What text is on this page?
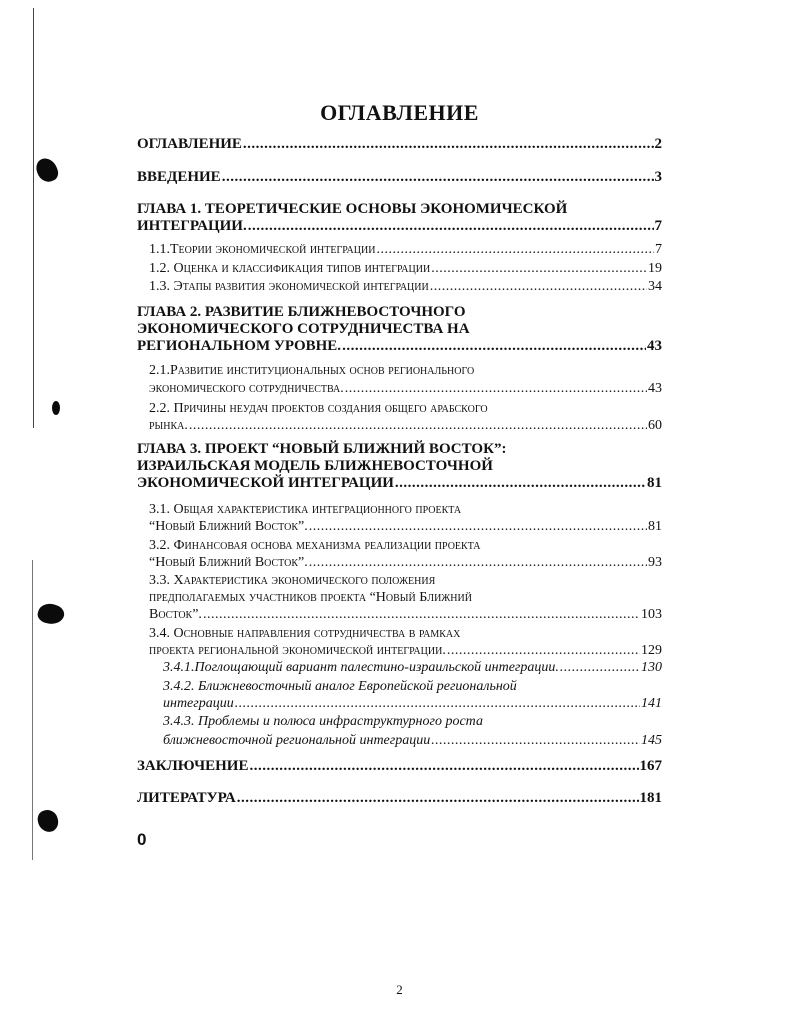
ОГЛАВЛЕНИЕ
ОГЛАВЛЕНИЕ .....	2
ВВЕДЕНИЕ .....	3
ГЛАВА 1. ТЕОРЕТИЧЕСКИЕ ОСНОВЫ ЭКОНОМИЧЕСКОЙ
ИНТЕГРАЦИИ. .....	7
1.1.Теории экономической интеграции .....	7
1.2. Оценка и классификация типов интеграции .....	19
1.3. Этапы развития экономической интеграции .....	34
ГЛАВА 2. РАЗВИТИЕ БЛИЖНЕВОСТОЧНОГО
ЭКОНОМИЧЕСКОГО СОТРУДНИЧЕСТВА НА
РЕГИОНАЛЬНОМ УРОВНЕ. .....	43
2.1.Развитие институциональных основ регионального
экономического сотрудничества. .....	43
2.2. Причины неудач проектов создания общего арабского
рынка. .....	60
ГЛАВА 3. ПРОЕКТ “НОВЫЙ БЛИЖНИЙ ВОСТОК”:
ИЗРАИЛЬСКАЯ МОДЕЛЬ БЛИЖНЕВОСТОЧНОЙ
ЭКОНОМИЧЕСКОЙ ИНТЕГРАЦИИ .....	81
3.1. Общая характеристика интеграционного проекта
“Новый Ближний Восток”. .....	81
3.2. Финансовая основа механизма реализации проекта
“Новый Ближний Восток”. .....	93
3.3. Характеристика экономического положения
предполагаемых участников проекта “Новый Ближний
Восток”. .....	103
3.4. Основные направления сотрудничества в рамках
проекта региональной экономической интеграции. .....	129
3.4.1.Поглощающий вариант палестино-израильской интеграции. .....	130
3.4.2. Ближневосточный аналог Европейской региональной
интеграции .....	141
3.4.3. Проблемы и полюса инфраструктурного роста
ближневосточной региональной интеграции .....	145
ЗАКЛЮЧЕНИЕ .....	167
ЛИТЕРАТУРА .....	181
0
2
